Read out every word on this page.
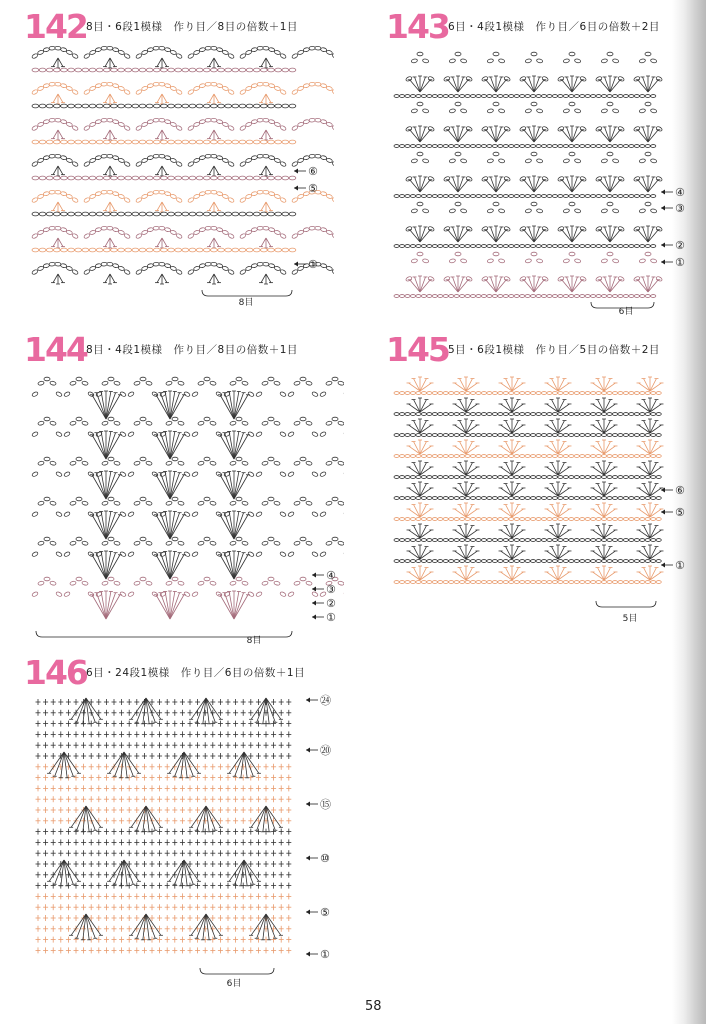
142 8目・6段1模様　作り目／8目の倍数＋1目
⑥
⑤
①
8目
143 6目・4段1模様　作り目／6目の倍数＋2目
④
③
②
①
6目
144 8目・4段1模様　作り目／8目の倍数＋1目
④
③
②
①
8目
145 5目・6段1模様　作り目／5目の倍数＋2目
⑥
⑤
①
5目
146 6目・24段1模様　作り目／6目の倍数＋1目
㉔
⑳
⑮
⑩
⑤
①
6目
58
